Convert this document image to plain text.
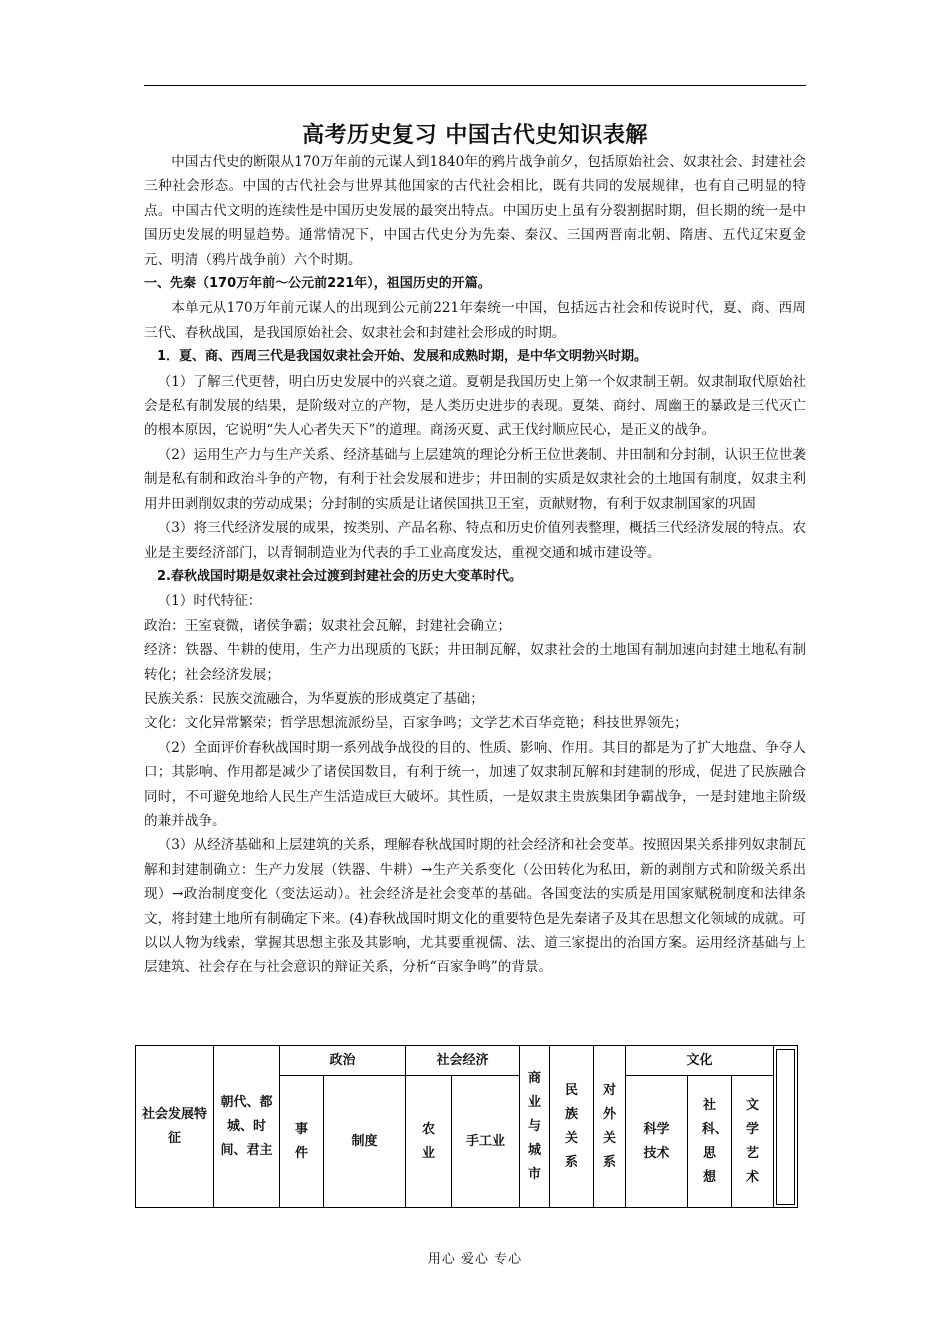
高考历史复习 中国古代史知识表解

中国古代史的断限从170万年前的元谋人到1840年的鸦片战争前夕，包括原始社会、奴隶社会、封建社会三种社会形态。中国的古代社会与世界其他国家的古代社会相比，既有共同的发展规律，也有自己明显的特点。中国古代文明的连续性是中国历史发展的最突出特点。中国历史上虽有分裂割据时期，但长期的统一是中国历史发展的明显趋势。通常情况下，中国古代史分为先秦、秦汉、三国两晋南北朝、隋唐、五代辽宋夏金元、明清（鸦片战争前）六个时期。

一、先秦（170万年前～公元前221年），祖国历史的开篇。

本单元从170万年前元谋人的出现到公元前221年秦统一中国，包括远古社会和传说时代，夏、商、西周三代、春秋战国，是我国原始社会、奴隶社会和封建社会形成的时期。

1．夏、商、西周三代是我国奴隶社会开始、发展和成熟时期，是中华文明勃兴时期。

（1）了解三代更替，明白历史发展中的兴衰之道。夏朝是我国历史上第一个奴隶制王朝。奴隶制取代原始社会是私有制发展的结果，是阶级对立的产物，是人类历史进步的表现。夏桀、商纣、周幽王的暴政是三代灭亡的根本原因，它说明“失人心者失天下”的道理。商汤灭夏、武王伐纣顺应民心，是正义的战争。

（2）运用生产力与生产关系、经济基础与上层建筑的理论分析王位世袭制、井田制和分封制，认识王位世袭制是私有制和政治斗争的产物，有利于社会发展和进步；井田制的实质是奴隶社会的土地国有制度，奴隶主利用井田剥削奴隶的劳动成果；分封制的实质是让诸侯国拱卫王室，贡献财物，有利于奴隶制国家的巩固

（3）将三代经济发展的成果，按类别、产品名称、特点和历史价值列表整理，概括三代经济发展的特点。农业是主要经济部门，以青铜制造业为代表的手工业高度发达，重视交通和城市建设等。

2.春秋战国时期是奴隶社会过渡到封建社会的历史大变革时代。

（1）时代特征：

政治：王室衰微，诸侯争霸；奴隶社会瓦解，封建社会确立；

经济：铁器、牛耕的使用，生产力出现质的飞跃；井田制瓦解，奴隶社会的土地国有制加速向封建土地私有制转化；社会经济发展；

民族关系：民族交流融合，为华夏族的形成奠定了基础；

文化：文化异常繁荣；哲学思想流派纷呈，百家争鸣；文学艺术百华竞艳；科技世界领先；

（2）全面评价春秋战国时期一系列战争战役的目的、性质、影响、作用。其目的都是为了扩大地盘、争夺人口；其影响、作用都是减少了诸侯国数目，有利于统一，加速了奴隶制瓦解和封建制的形成，促进了民族融合同时，不可避免地给人民生产生活造成巨大破坏。其性质，一是奴隶主贵族集团争霸战争，一是封建地主阶级的兼并战争。

（3）从经济基础和上层建筑的关系，理解春秋战国时期的社会经济和社会变革。按照因果关系排列奴隶制瓦解和封建制确立：生产力发展（铁器、牛耕）→生产关系变化（公田转化为私田，新的剥削方式和阶级关系出现）→政治制度变化（变法运动）。社会经济是社会变革的基础。各国变法的实质是用国家赋税制度和法律条文，将封建土地所有制确定下来。(4)春秋战国时期文化的重要特色是先秦诸子及其在思想文化领域的成就。可以以人物为线索，掌握其思想主张及其影响，尤其要重视儒、法、道三家提出的治国方案。运用经济基础与上层建筑、社会存在与社会意识的辩证关系，分析“百家争鸣”的背景。

社会发展特征	朝代、都城、时间、君主	政治		社会经济		商业与城市	民族关系	对外关系	文化			

		事件	制度	农业	手工业				科学技术	社科、思想	文学艺术	
用心 爱心 专心
